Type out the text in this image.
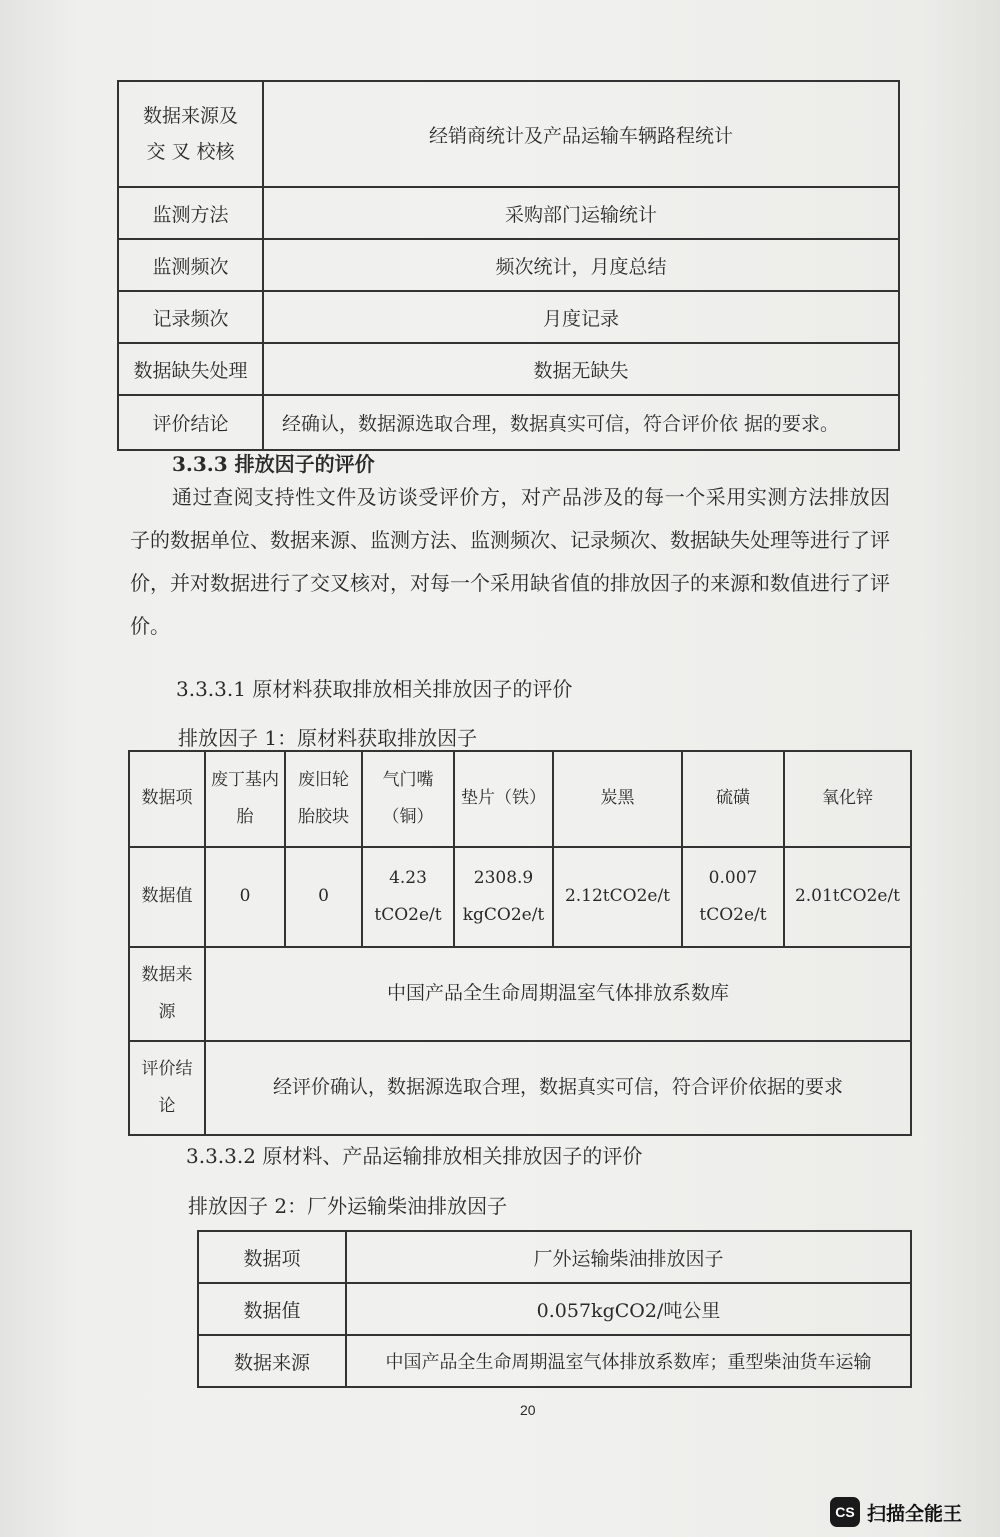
数据来源及交 叉 校核	经销商统计及产品运输车辆路程统计
监测方法	采购部门运输统计
监测频次	频次统计，月度总结
记录频次	月度记录
数据缺失处理	数据无缺失
评价结论	经确认，数据源选取合理，数据真实可信，符合评价依 据的要求。
3.3.3 排放因子的评价
通过查阅支持性文件及访谈受评价方，对产品涉及的每一个采用实测方法排放因子的数据单位、数据来源、监测方法、监测频次、记录频次、数据缺失处理等进行了评价，并对数据进行了交叉核对，对每一个采用缺省值的排放因子的来源和数值进行了评价。
3.3.3.1 原材料获取排放相关排放因子的评价
排放因子 1：原材料获取排放因子
数据项	废丁基内胎	废旧轮胎胶块	气门嘴（铜）	垫片（铁）	炭黑	硫磺	氧化锌
数据值	0	0	4.23 tCO2e/t	2308.9 kgCO2e/t	2.12tCO2e/t	0.007 tCO2e/t	2.01tCO2e/t
数据来源	中国产品全生命周期温室气体排放系数库						
评价结论	经评价确认，数据源选取合理，数据真实可信，符合评价依据的要求						
3.3.3.2 原材料、产品运输排放相关排放因子的评价
排放因子 2：厂外运输柴油排放因子
数据项	厂外运输柴油排放因子
数据值	0.057kgCO2/吨公里
数据来源	中国产品全生命周期温室气体排放系数库；重型柴油货车运输
20
CS 扫描全能王
